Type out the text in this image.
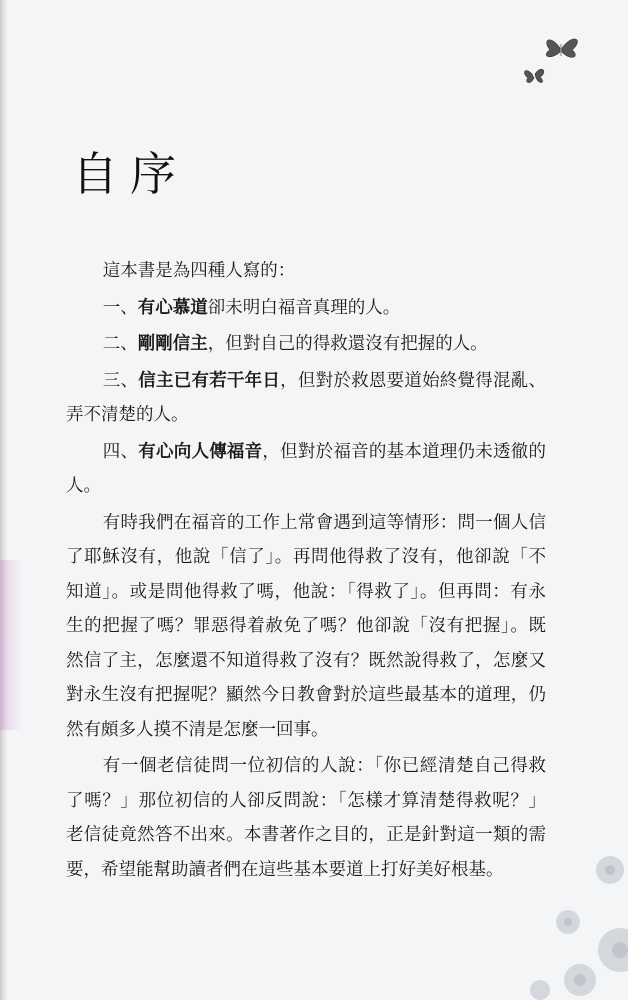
自序

這本書是為四種人寫的：

一、有心慕道卻未明白福音真理的人。

二、剛剛信主，但對自己的得救還沒有把握的人。

三、信主已有若干年日，但對於救恩要道始終覺得混亂、弄不清楚的人。

四、有心向人傳福音，但對於福音的基本道理仍未透徹的人。

有時我們在福音的工作上常會遇到這等情形：問一個人信了耶穌沒有，他說「信了」。再問他得救了沒有，他卻說「不知道」。或是問他得救了嗎，他說：「得救了」。但再問：有永生的把握了嗎？罪惡得着赦免了嗎？他卻說「沒有把握」。既然信了主，怎麼還不知道得救了沒有？既然說得救了，怎麼又對永生沒有把握呢？顯然今日教會對於這些最基本的道理，仍然有頗多人摸不清是怎麼一回事。

有一個老信徒問一位初信的人說：「你已經清楚自己得救了嗎？」那位初信的人卻反問說：「怎樣才算清楚得救呢？」老信徒竟然答不出來。本書著作之目的，正是針對這一類的需要，希望能幫助讀者們在這些基本要道上打好美好根基。
